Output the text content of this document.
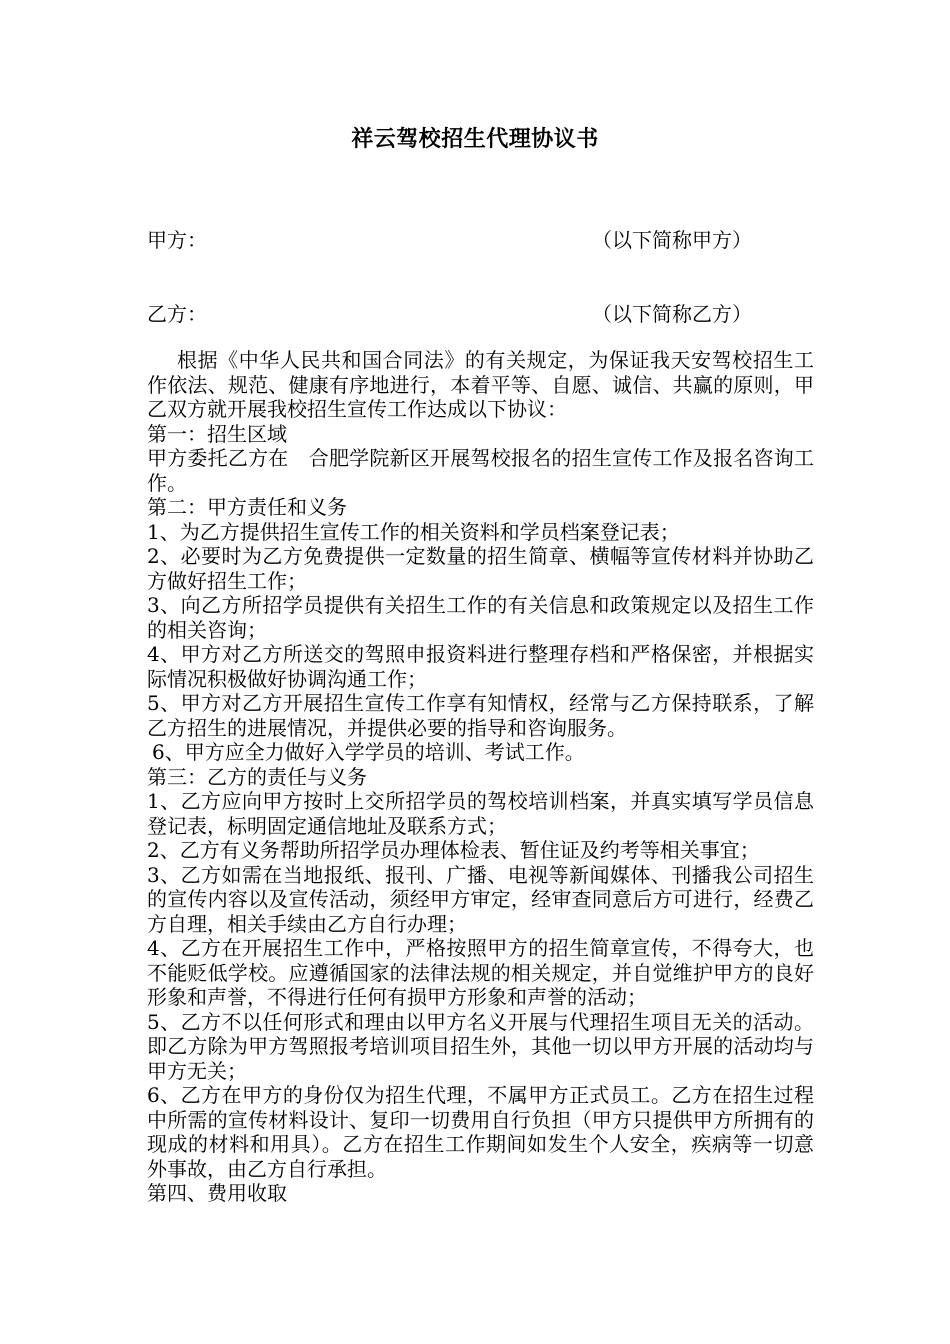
祥云驾校招生代理协议书
甲方：	（以下简称甲方）
乙方：	（以下简称乙方）

根据《中华人民共和国合同法》的有关规定，为保证我天安驾校招生工作依法、规范、健康有序地进行，本着平等、自愿、诚信、共赢的原则，甲乙双方就开展我校招生宣传工作达成以下协议：

第一：招生区域

甲方委托乙方在　合肥学院新区开展驾校报名的招生宣传工作及报名咨询工作。

第二：甲方责任和义务

1、为乙方提供招生宣传工作的相关资料和学员档案登记表；

2、必要时为乙方免费提供一定数量的招生简章、横幅等宣传材料并协助乙方做好招生工作；

3、向乙方所招学员提供有关招生工作的有关信息和政策规定以及招生工作的相关咨询；

4、甲方对乙方所送交的驾照申报资料进行整理存档和严格保密，并根据实际情况积极做好协调沟通工作；

5、甲方对乙方开展招生宣传工作享有知情权，经常与乙方保持联系，了解乙方招生的进展情况，并提供必要的指导和咨询服务。

6、甲方应全力做好入学学员的培训、考试工作。

第三：乙方的责任与义务

1、乙方应向甲方按时上交所招学员的驾校培训档案，并真实填写学员信息登记表，标明固定通信地址及联系方式；

2、乙方有义务帮助所招学员办理体检表、暂住证及约考等相关事宜；

3、乙方如需在当地报纸、报刊、广播、电视等新闻媒体、刊播我公司招生的宣传内容以及宣传活动，须经甲方审定，经审查同意后方可进行，经费乙方自理，相关手续由乙方自行办理；

4、乙方在开展招生工作中，严格按照甲方的招生简章宣传，不得夸大，也不能贬低学校。应遵循国家的法律法规的相关规定，并自觉维护甲方的良好形象和声誉，不得进行任何有损甲方形象和声誉的活动；

5、乙方不以任何形式和理由以甲方名义开展与代理招生项目无关的活动。即乙方除为甲方驾照报考培训项目招生外，其他一切以甲方开展的活动均与甲方无关；

6、乙方在甲方的身份仅为招生代理，不属甲方正式员工。乙方在招生过程中所需的宣传材料设计、复印一切费用自行负担（甲方只提供甲方所拥有的现成的材料和用具）。乙方在招生工作期间如发生个人安全，疾病等一切意外事故，由乙方自行承担。

第四、费用收取
